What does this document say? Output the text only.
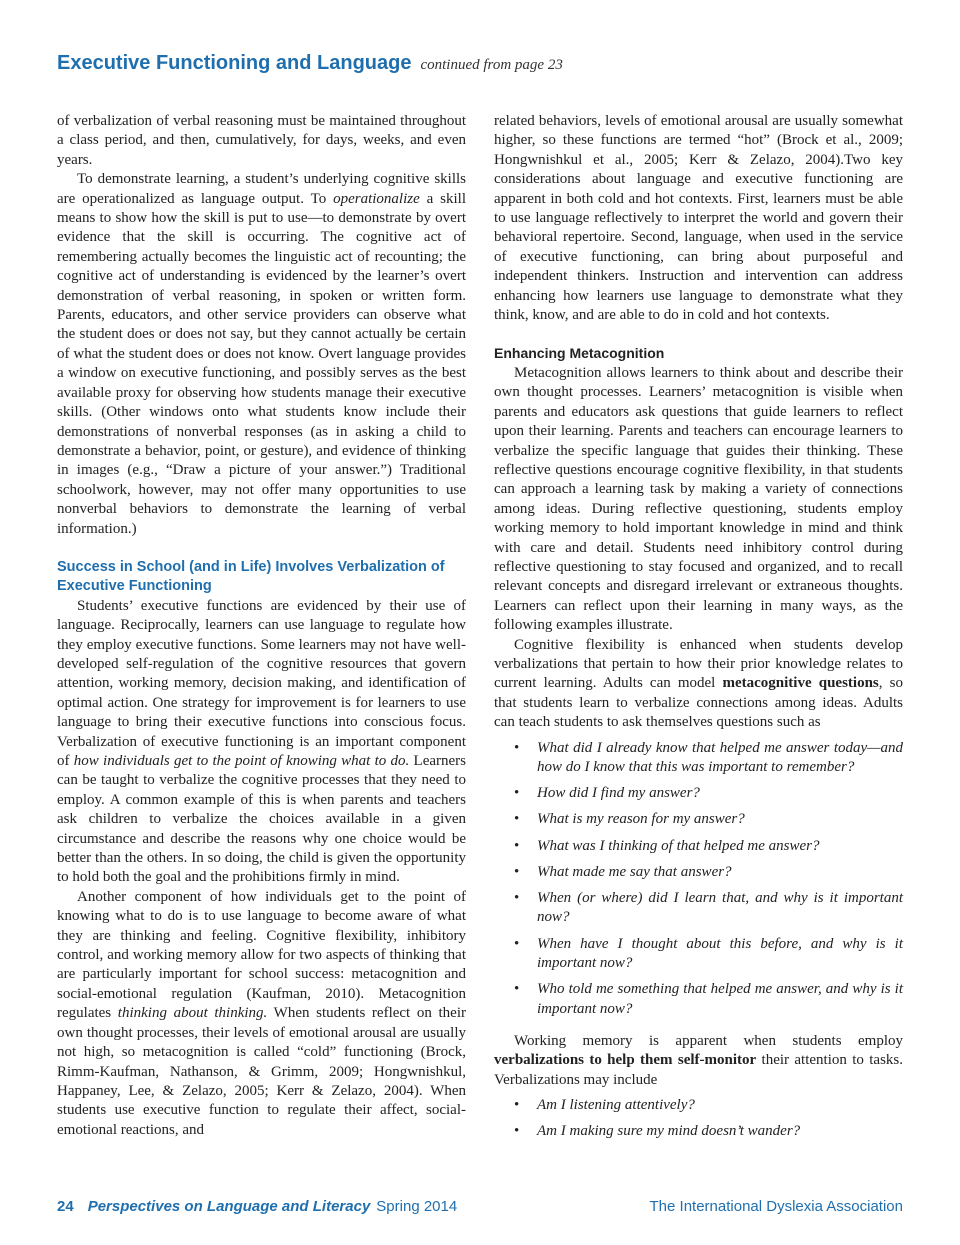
Executive Functioning and Language continued from page 23

of verbalization of verbal reasoning must be maintained throughout a class period, and then, cumulatively, for days, weeks, and even years.

To demonstrate learning, a student’s underlying cognitive skills are operationalized as language output. To operationalize a skill means to show how the skill is put to use—to demonstrate by overt evidence that the skill is occurring. The cognitive act of remembering actually becomes the linguistic act of recounting; the cognitive act of understanding is evidenced by the learner’s overt demonstration of verbal reasoning, in spoken or written form. Parents, educators, and other service providers can observe what the student does or does not say, but they cannot actually be certain of what the student does or does not know. Overt language provides a window on executive functioning, and possibly serves as the best available proxy for observing how students manage their executive skills. (Other windows onto what students know include their demonstrations of nonverbal responses (as in asking a child to demonstrate a behavior, point, or gesture), and evidence of thinking in images (e.g., “Draw a picture of your answer.”) Traditional schoolwork, however, may not offer many opportunities to use nonverbal behaviors to demonstrate the learning of verbal information.)

Success in School (and in Life) Involves Verbalization of Executive Functioning

Students’ executive functions are evidenced by their use of language. Reciprocally, learners can use language to regulate how they employ executive functions. Some learners may not have well-developed self-regulation of the cognitive resources that govern attention, working memory, decision making, and identification of optimal action. One strategy for improvement is for learners to use language to bring their executive functions into conscious focus. Verbalization of executive functioning is an important component of how individuals get to the point of knowing what to do. Learners can be taught to verbalize the cognitive processes that they need to employ. A common example of this is when parents and teachers ask children to verbalize the choices available in a given circumstance and describe the reasons why one choice would be better than the others. In so doing, the child is given the opportunity to hold both the goal and the prohibitions firmly in mind.

Another component of how individuals get to the point of knowing what to do is to use language to become aware of what they are thinking and feeling. Cognitive flexibility, inhibitory control, and working memory allow for two aspects of thinking that are particularly important for school success: metacognition and social-emotional regulation (Kaufman, 2010). Metacognition regulates thinking about thinking. When students reflect on their own thought processes, their levels of emotional arousal are usually not high, so metacognition is called “cold” functioning (Brock, Rimm-Kaufman, Nathanson, & Grimm, 2009; Hongwnishkul, Happaney, Lee, & Zelazo, 2005; Kerr & Zelazo, 2004). When students use executive function to regulate their affect, social-emotional reactions, and

related behaviors, levels of emotional arousal are usually somewhat higher, so these functions are termed “hot” (Brock et al., 2009; Hongwnishkul et al., 2005; Kerr & Zelazo, 2004).Two key considerations about language and executive functioning are apparent in both cold and hot contexts. First, learners must be able to use language reflectively to interpret the world and govern their behavioral repertoire. Second, language, when used in the service of executive functioning, can bring about purposeful and independent thinkers. Instruction and intervention can address enhancing how learners use language to demonstrate what they think, know, and are able to do in cold and hot contexts.

Enhancing Metacognition

Metacognition allows learners to think about and describe their own thought processes. Learners’ metacognition is visible when parents and educators ask questions that guide learners to reflect upon their learning. Parents and teachers can encourage learners to verbalize the specific language that guides their thinking. These reflective questions encourage cognitive flexibility, in that students can approach a learning task by making a variety of connections among ideas. During reflective questioning, students employ working memory to hold important knowledge in mind and think with care and detail. Students need inhibitory control during reflective questioning to stay focused and organized, and to recall relevant concepts and disregard irrelevant or extraneous thoughts. Learners can reflect upon their learning in many ways, as the following examples illustrate.

Cognitive flexibility is enhanced when students develop verbalizations that pertain to how their prior knowledge relates to current learning. Adults can model metacognitive questions, so that students learn to verbalize connections among ideas. Adults can teach students to ask themselves questions such as

• What did I already know that helped me answer today—and how do I know that this was important to remember?
• How did I find my answer?
• What is my reason for my answer?
• What was I thinking of that helped me answer?
• What made me say that answer?
• When (or where) did I learn that, and why is it important now?
• When have I thought about this before, and why is it important now?
• Who told me something that helped me answer, and why is it important now?

Working memory is apparent when students employ verbalizations to help them self-monitor their attention to tasks. Verbalizations may include

• Am I listening attentively?
• Am I making sure my mind doesn’t wander?
24 Perspectives on Language and Literacy Spring 2014	The International Dyslexia Association
